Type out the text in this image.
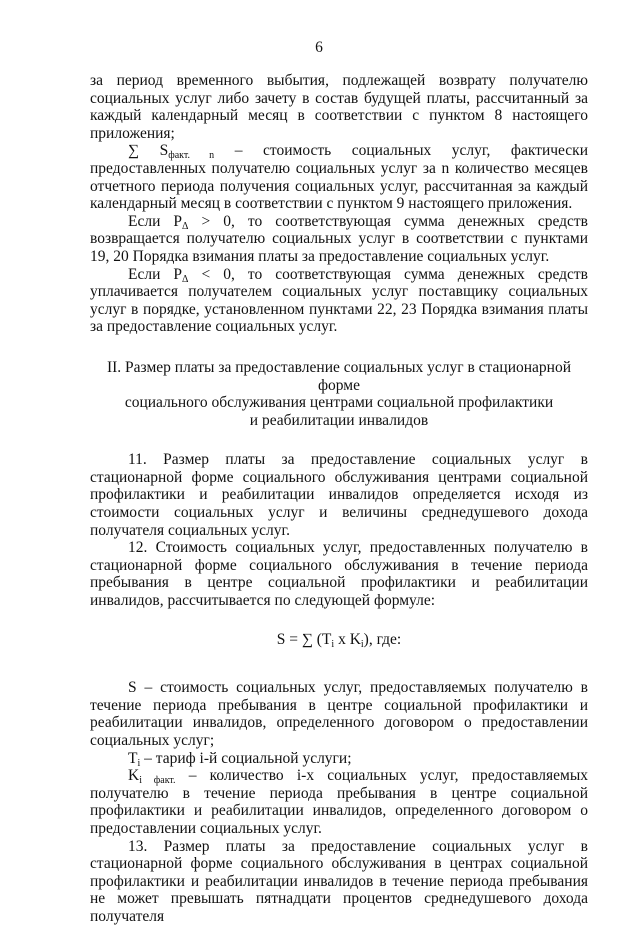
6

за период временного выбытия, подлежащей возврату получателю социальных услуг либо зачету в состав будущей платы, рассчитанный за каждый календарный месяц в соответствии с пунктом 8 настоящего приложения;

∑ $S_{факт. n}$ – стоимость социальных услуг, фактически предоставленных получателю социальных услуг за n количество месяцев отчетного периода получения социальных услуг, рассчитанная за каждый календарный месяц в соответствии с пунктом 9 настоящего приложения.

Если $P_\Delta > 0$, то соответствующая сумма денежных средств возвращается получателю социальных услуг в соответствии с пунктами 19, 20 Порядка взимания платы за предоставление социальных услуг.

Если $P_\Delta < 0$, то соответствующая сумма денежных средств уплачивается получателем социальных услуг поставщику социальных услуг в порядке, установленном пунктами 22, 23 Порядка взимания платы за предоставление социальных услуг.

II. Размер платы за предоставление социальных услуг в стационарной форме
социального обслуживания центрами социальной профилактики
и реабилитации инвалидов

11. Размер платы за предоставление социальных услуг в стационарной форме социального обслуживания центрами социальной профилактики и реабилитации инвалидов определяется исходя из стоимости социальных услуг и величины среднедушевого дохода получателя социальных услуг.

12. Стоимость социальных услуг, предоставленных получателю в стационарной форме социального обслуживания в течение периода пребывания в центре социальной профилактики и реабилитации инвалидов, рассчитывается по следующей формуле:

S = ∑ ($T_i$ x $K_i$), где:

S – стоимость социальных услуг, предоставляемых получателю в течение периода пребывания в центре социальной профилактики и реабилитации инвалидов, определенного договором о предоставлении социальных услуг;

$T_i$ – тариф i-й социальной услуги;

$K_{i факт.}$ – количество i-х социальных услуг, предоставляемых получателю в течение периода пребывания в центре социальной профилактики и реабилитации инвалидов, определенного договором о предоставлении социальных услуг.

13. Размер платы за предоставление социальных услуг в стационарной форме социального обслуживания в центрах социальной профилактики и реабилитации инвалидов в течение периода пребывания не может превышать пятнадцати процентов среднедушевого дохода получателя
